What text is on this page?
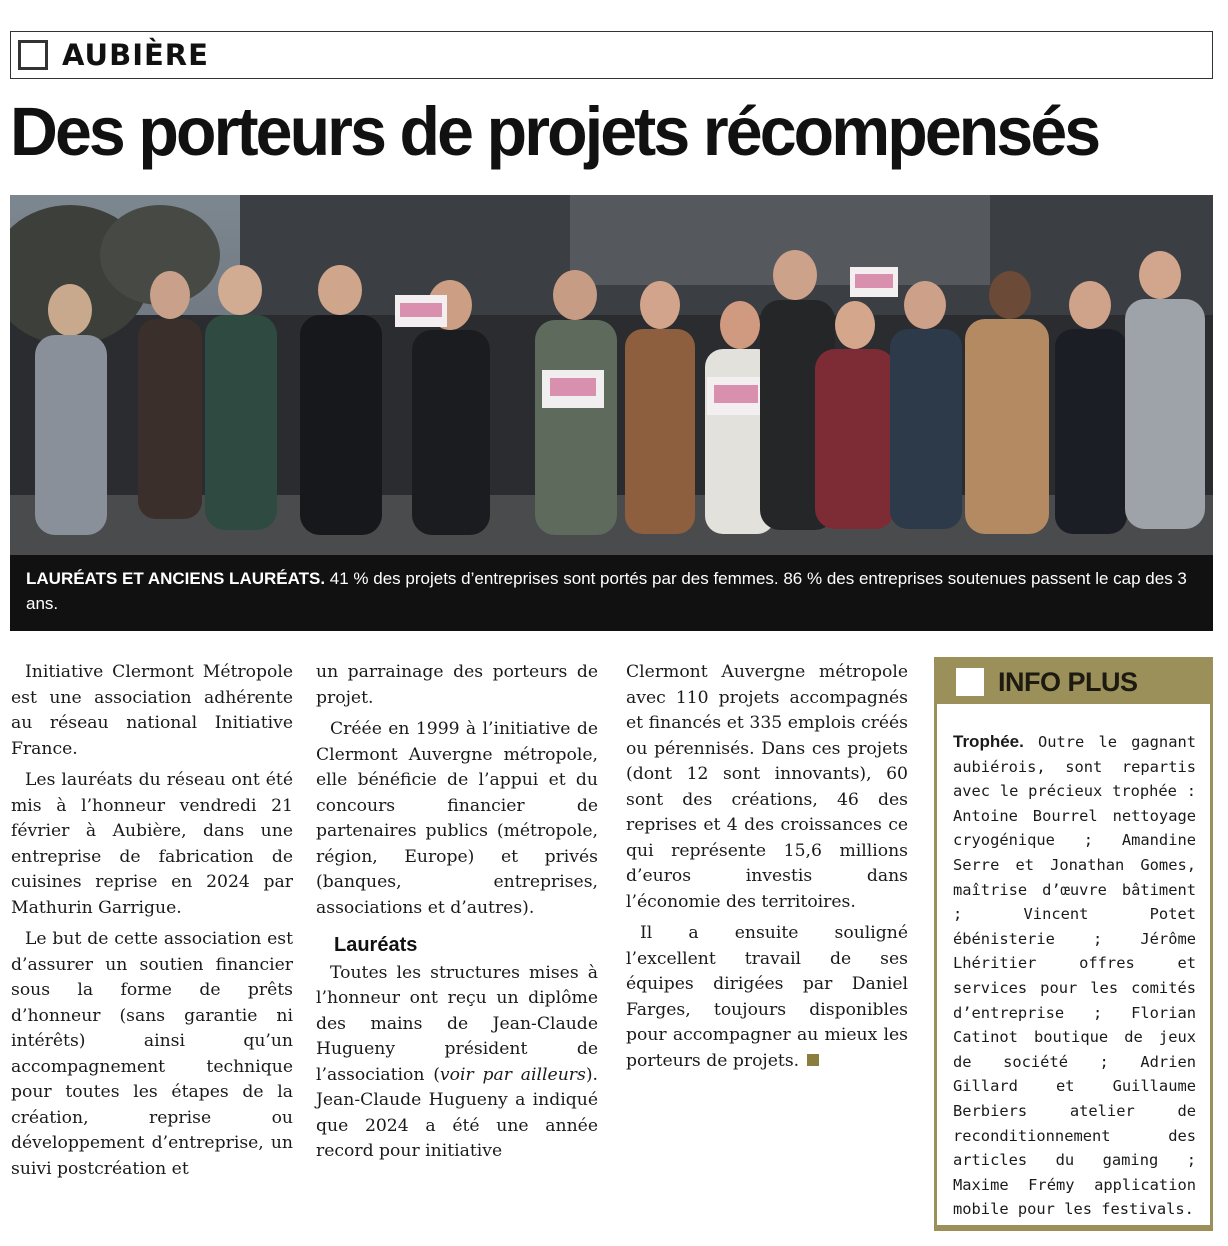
AUBIÈRE
Des porteurs de projets récompensés
LAURÉATS ET ANCIENS LAURÉATS. 41 % des projets d’entreprises sont portés par des femmes. 86 % des entreprises soutenues passent le cap des 3 ans.

Initiative Clermont Métropole est une association adhérente au réseau national Initiative France.

Les lauréats du réseau ont été mis à l’honneur vendredi 21 février à Aubière, dans une entreprise de fabrication de cuisines reprise en 2024 par Mathurin Garrigue.

Le but de cette association est d’assurer un soutien financier sous la forme de prêts d’honneur (sans garantie ni intérêts) ainsi qu’un accompagnement technique pour toutes les étapes de la création, reprise ou développement d’entreprise, un suivi postcréation et

un parrainage des porteurs de projet.

Créée en 1999 à l’initiative de Clermont Auvergne métropole, elle bénéficie de l’appui et du concours financier de partenaires publics (métropole, région, Europe) et privés (banques, entreprises, associations et d’autres).

Lauréats

Toutes les structures mises à l’honneur ont reçu un diplôme des mains de Jean-Claude Hugueny président de l’association (voir par ailleurs). Jean-Claude Hugueny a indiqué que 2024 a été une année record pour initiative

Clermont Auvergne métropole avec 110 projets accompagnés et financés et 335 emplois créés ou pérennisés. Dans ces projets (dont 12 sont innovants), 60 sont des créations, 46 des reprises et 4 des croissances ce qui représente 15,6 millions d’euros investis dans l’économie des territoires.

Il a ensuite souligné l’excellent travail de ses équipes dirigées par Daniel Farges, toujours disponibles pour accompagner au mieux les porteurs de projets.

INFO PLUS
Trophée. Outre le gagnant aubiérois, sont repartis avec le précieux trophée : Antoine Bourrel nettoyage cryogénique ; Amandine Serre et Jonathan Gomes, maîtrise d’œuvre bâtiment ; Vincent Potet ébénisterie ; Jérôme Lhéritier offres et services pour les comités d’entreprise ; Florian Catinot boutique de jeux de société ; Adrien Gillard et Guillaume Berbiers atelier de reconditionnement des articles du gaming ; Maxime Frémy application mobile pour les festivals.
